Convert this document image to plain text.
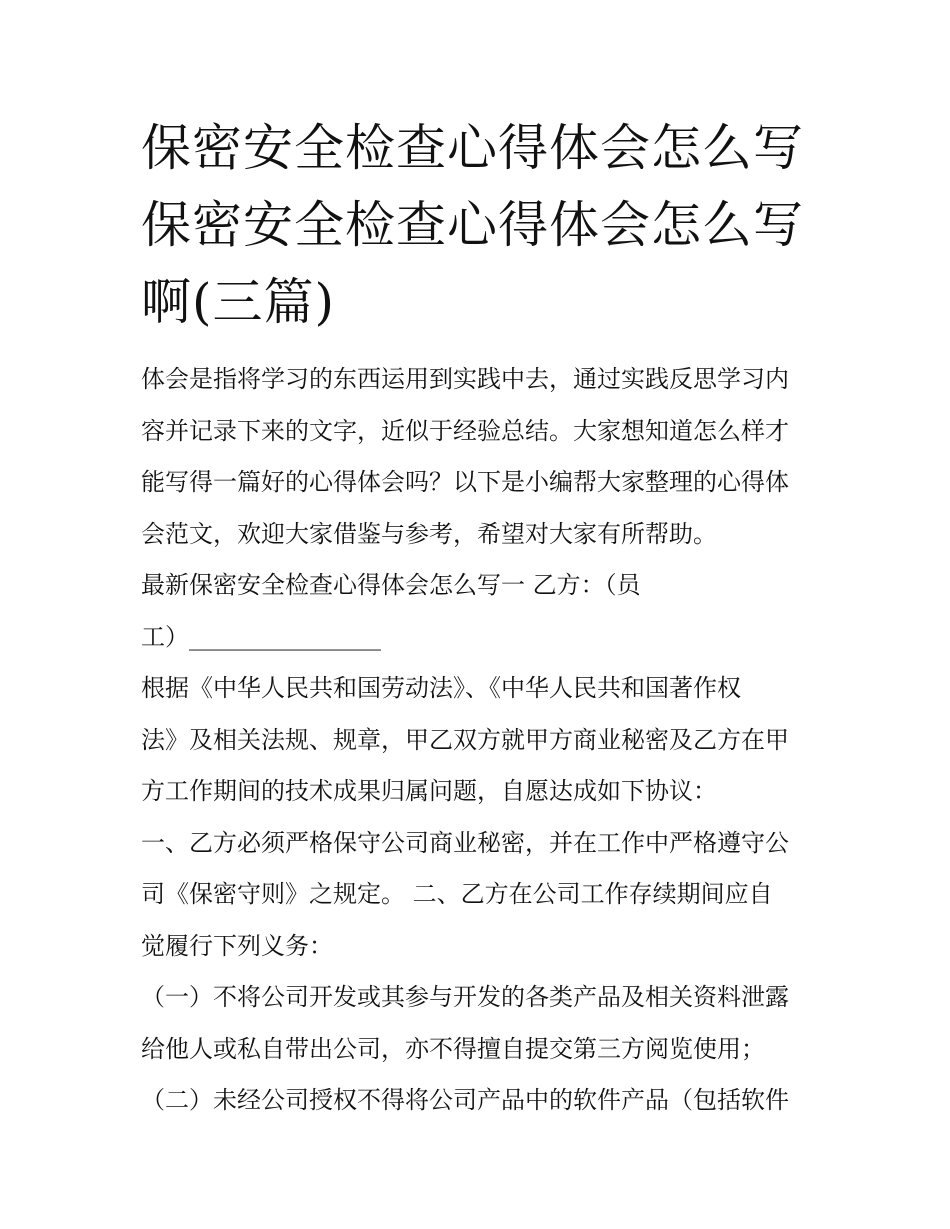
保密安全检查心得体会怎么写
保密安全检查心得体会怎么写
啊(三篇)
体会是指将学习的东西运用到实践中去，通过实践反思学习内
容并记录下来的文字，近似于经验总结。大家想知道怎么样才
能写得一篇好的心得体会吗？以下是小编帮大家整理的心得体
会范文，欢迎大家借鉴与参考，希望对大家有所帮助。
最新保密安全检查心得体会怎么写一 乙方：（员
工）________________
根据《中华人民共和国劳动法》、《中华人民共和国著作权
法》及相关法规、规章，甲乙双方就甲方商业秘密及乙方在甲
方工作期间的技术成果归属问题，自愿达成如下协议：
一、乙方必须严格保守公司商业秘密，并在工作中严格遵守公
司《保密守则》之规定。 二、乙方在公司工作存续期间应自
觉履行下列义务：
（一）不将公司开发或其参与开发的各类产品及相关资料泄露
给他人或私自带出公司，亦不得擅自提交第三方阅览使用；
（二）未经公司授权不得将公司产品中的软件产品（包括软件
